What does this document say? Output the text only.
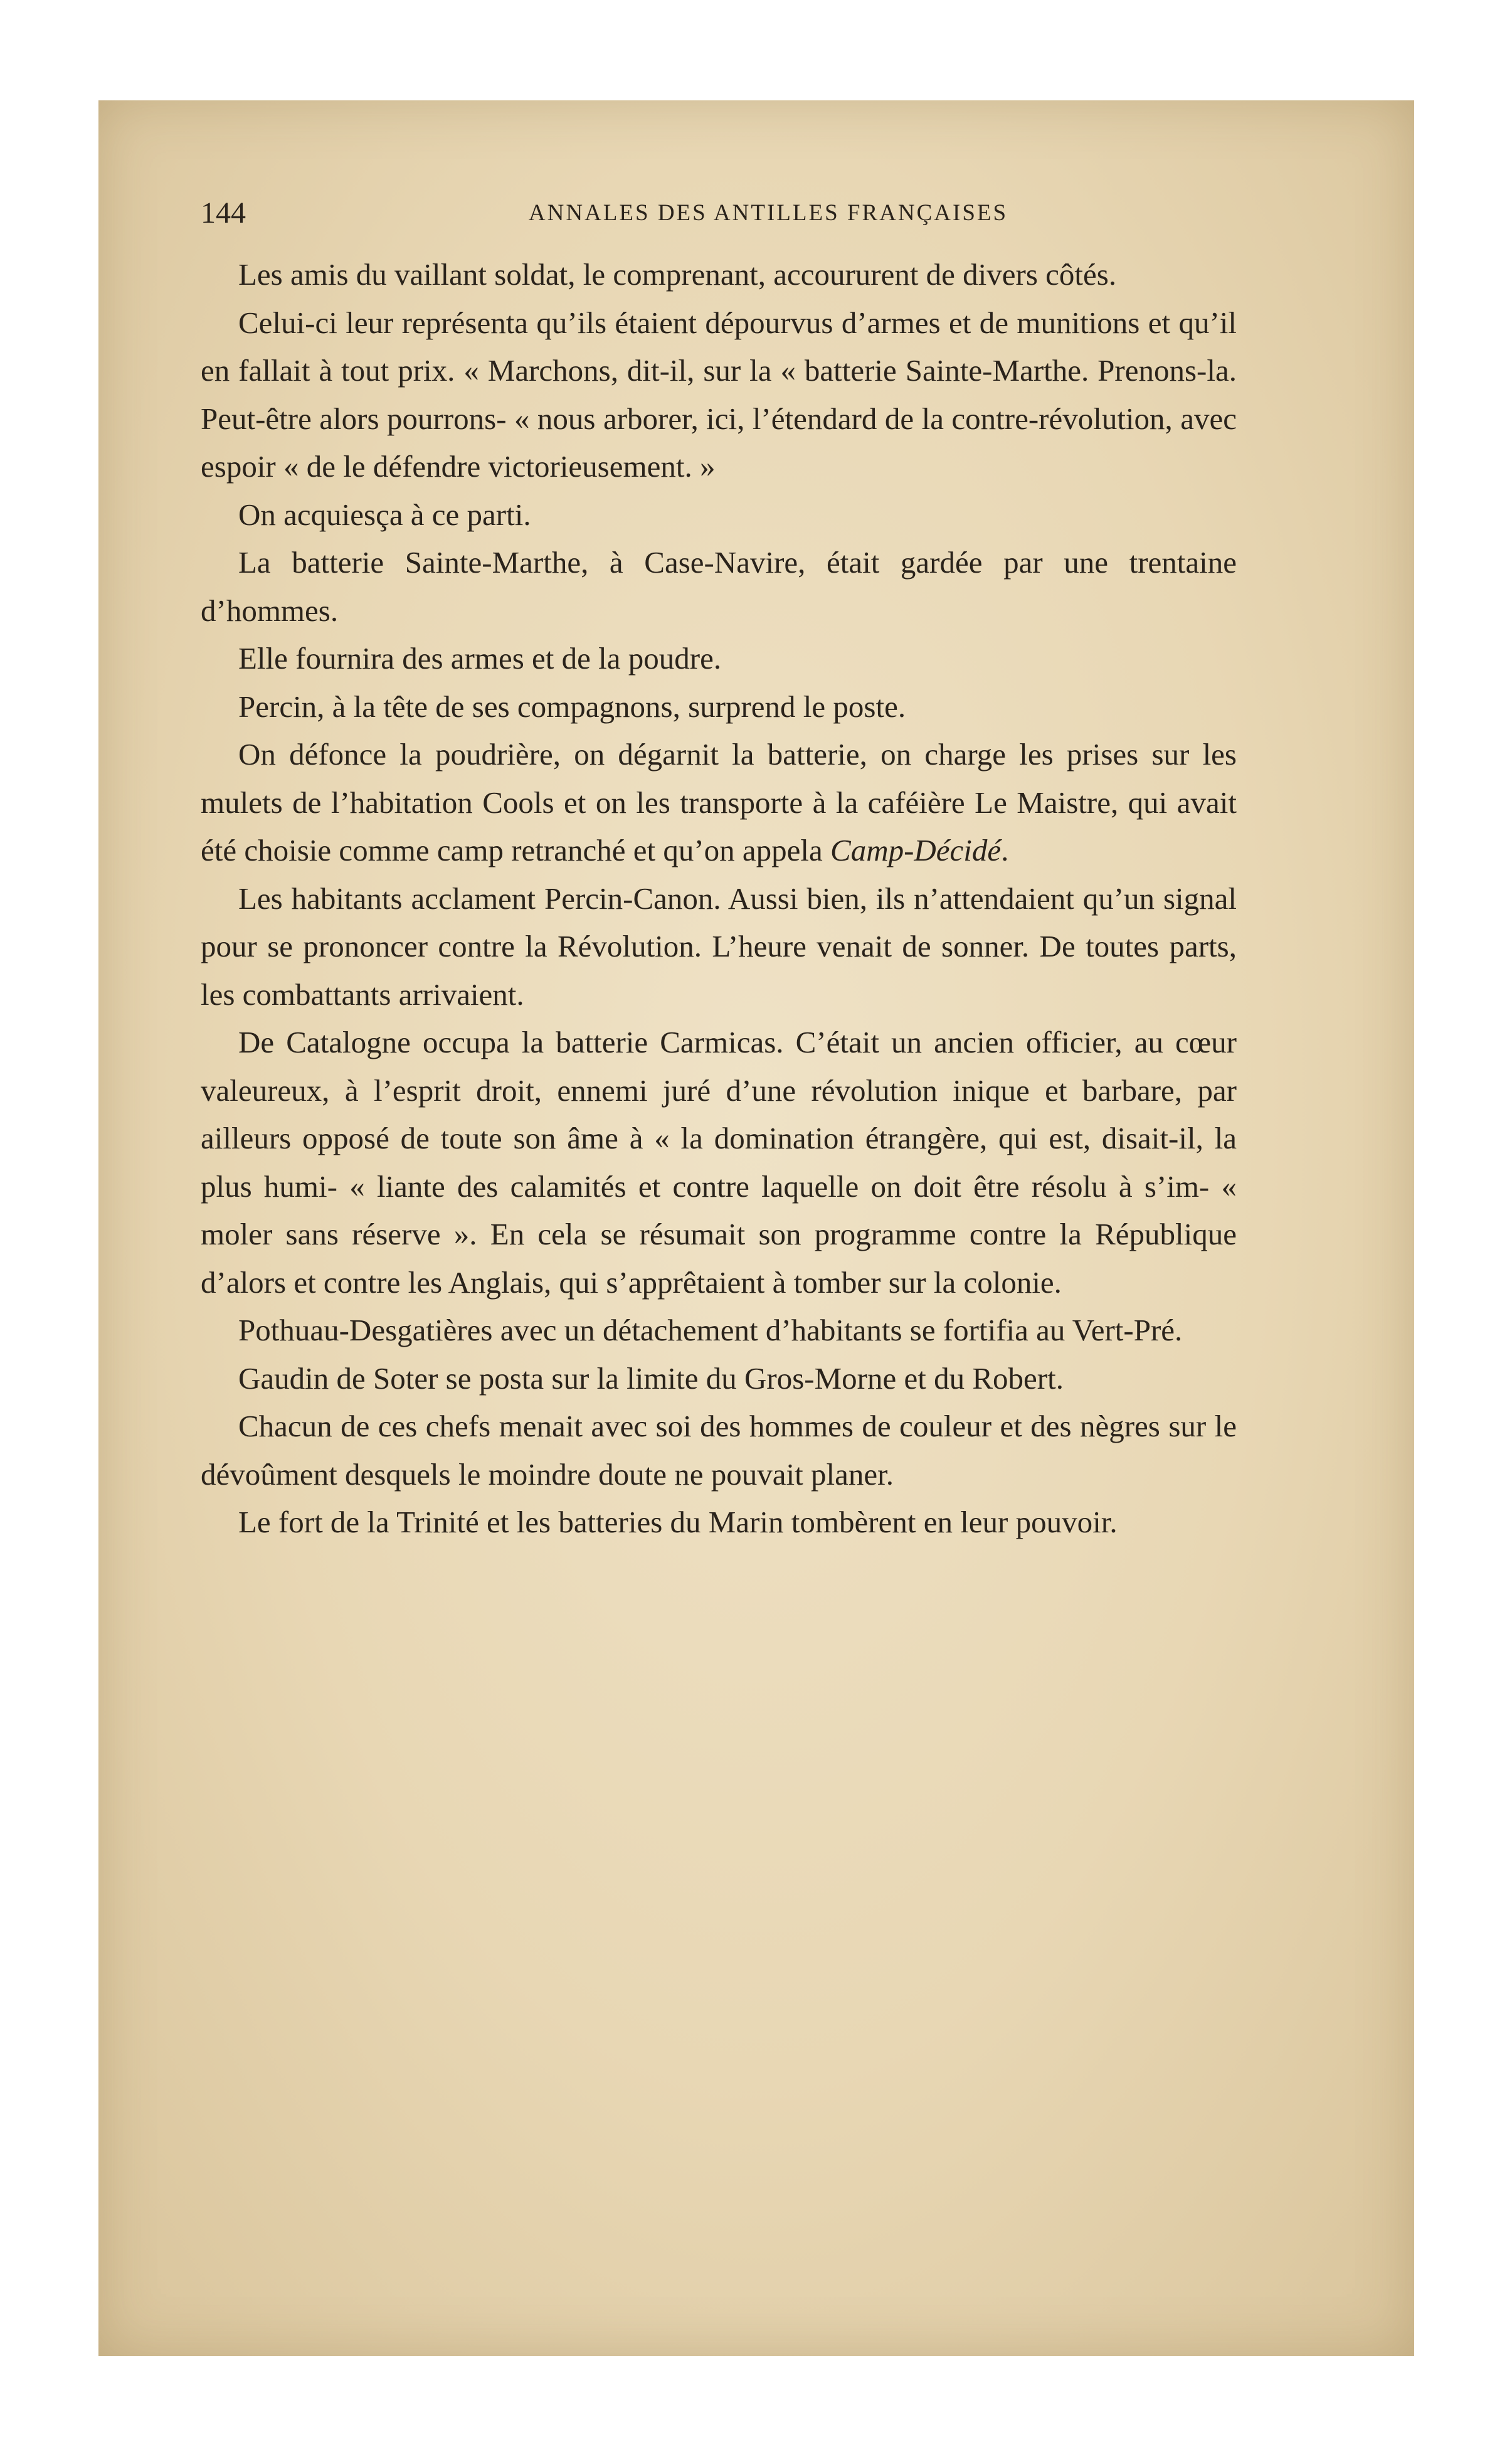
144	ANNALES DES ANTILLES FRANÇAISES

Les amis du vaillant soldat, le comprenant, accoururent de divers côtés.

Celui-ci leur représenta qu’ils étaient dépourvus d’armes et de munitions et qu’il en fallait à tout prix. « Marchons, dit-il, sur la « batterie Sainte-Marthe. Prenons-la. Peut-être alors pourrons- « nous arborer, ici, l’étendard de la contre-révolution, avec espoir « de le défendre victorieusement. »

On acquiesça à ce parti.

La batterie Sainte-Marthe, à Case-Navire, était gardée par une trentaine d’hommes.

Elle fournira des armes et de la poudre.

Percin, à la tête de ses compagnons, surprend le poste.

On défonce la poudrière, on dégarnit la batterie, on charge les prises sur les mulets de l’habitation Cools et on les transporte à la caféière Le Maistre, qui avait été choisie comme camp retranché et qu’on appela Camp-Décidé.

Les habitants acclament Percin-Canon. Aussi bien, ils n’attendaient qu’un signal pour se prononcer contre la Révolution. L’heure venait de sonner. De toutes parts, les combattants arrivaient.

De Catalogne occupa la batterie Carmicas. C’était un ancien officier, au cœur valeureux, à l’esprit droit, ennemi juré d’une révolution inique et barbare, par ailleurs opposé de toute son âme à « la domination étrangère, qui est, disait-il, la plus humi- « liante des calamités et contre laquelle on doit être résolu à s’im- « moler sans réserve ». En cela se résumait son programme contre la République d’alors et contre les Anglais, qui s’apprêtaient à tomber sur la colonie.

Pothuau-Desgatières avec un détachement d’habitants se fortifia au Vert-Pré.

Gaudin de Soter se posta sur la limite du Gros-Morne et du Robert.

Chacun de ces chefs menait avec soi des hommes de couleur et des nègres sur le dévoûment desquels le moindre doute ne pouvait planer.

Le fort de la Trinité et les batteries du Marin tombèrent en leur pouvoir.
